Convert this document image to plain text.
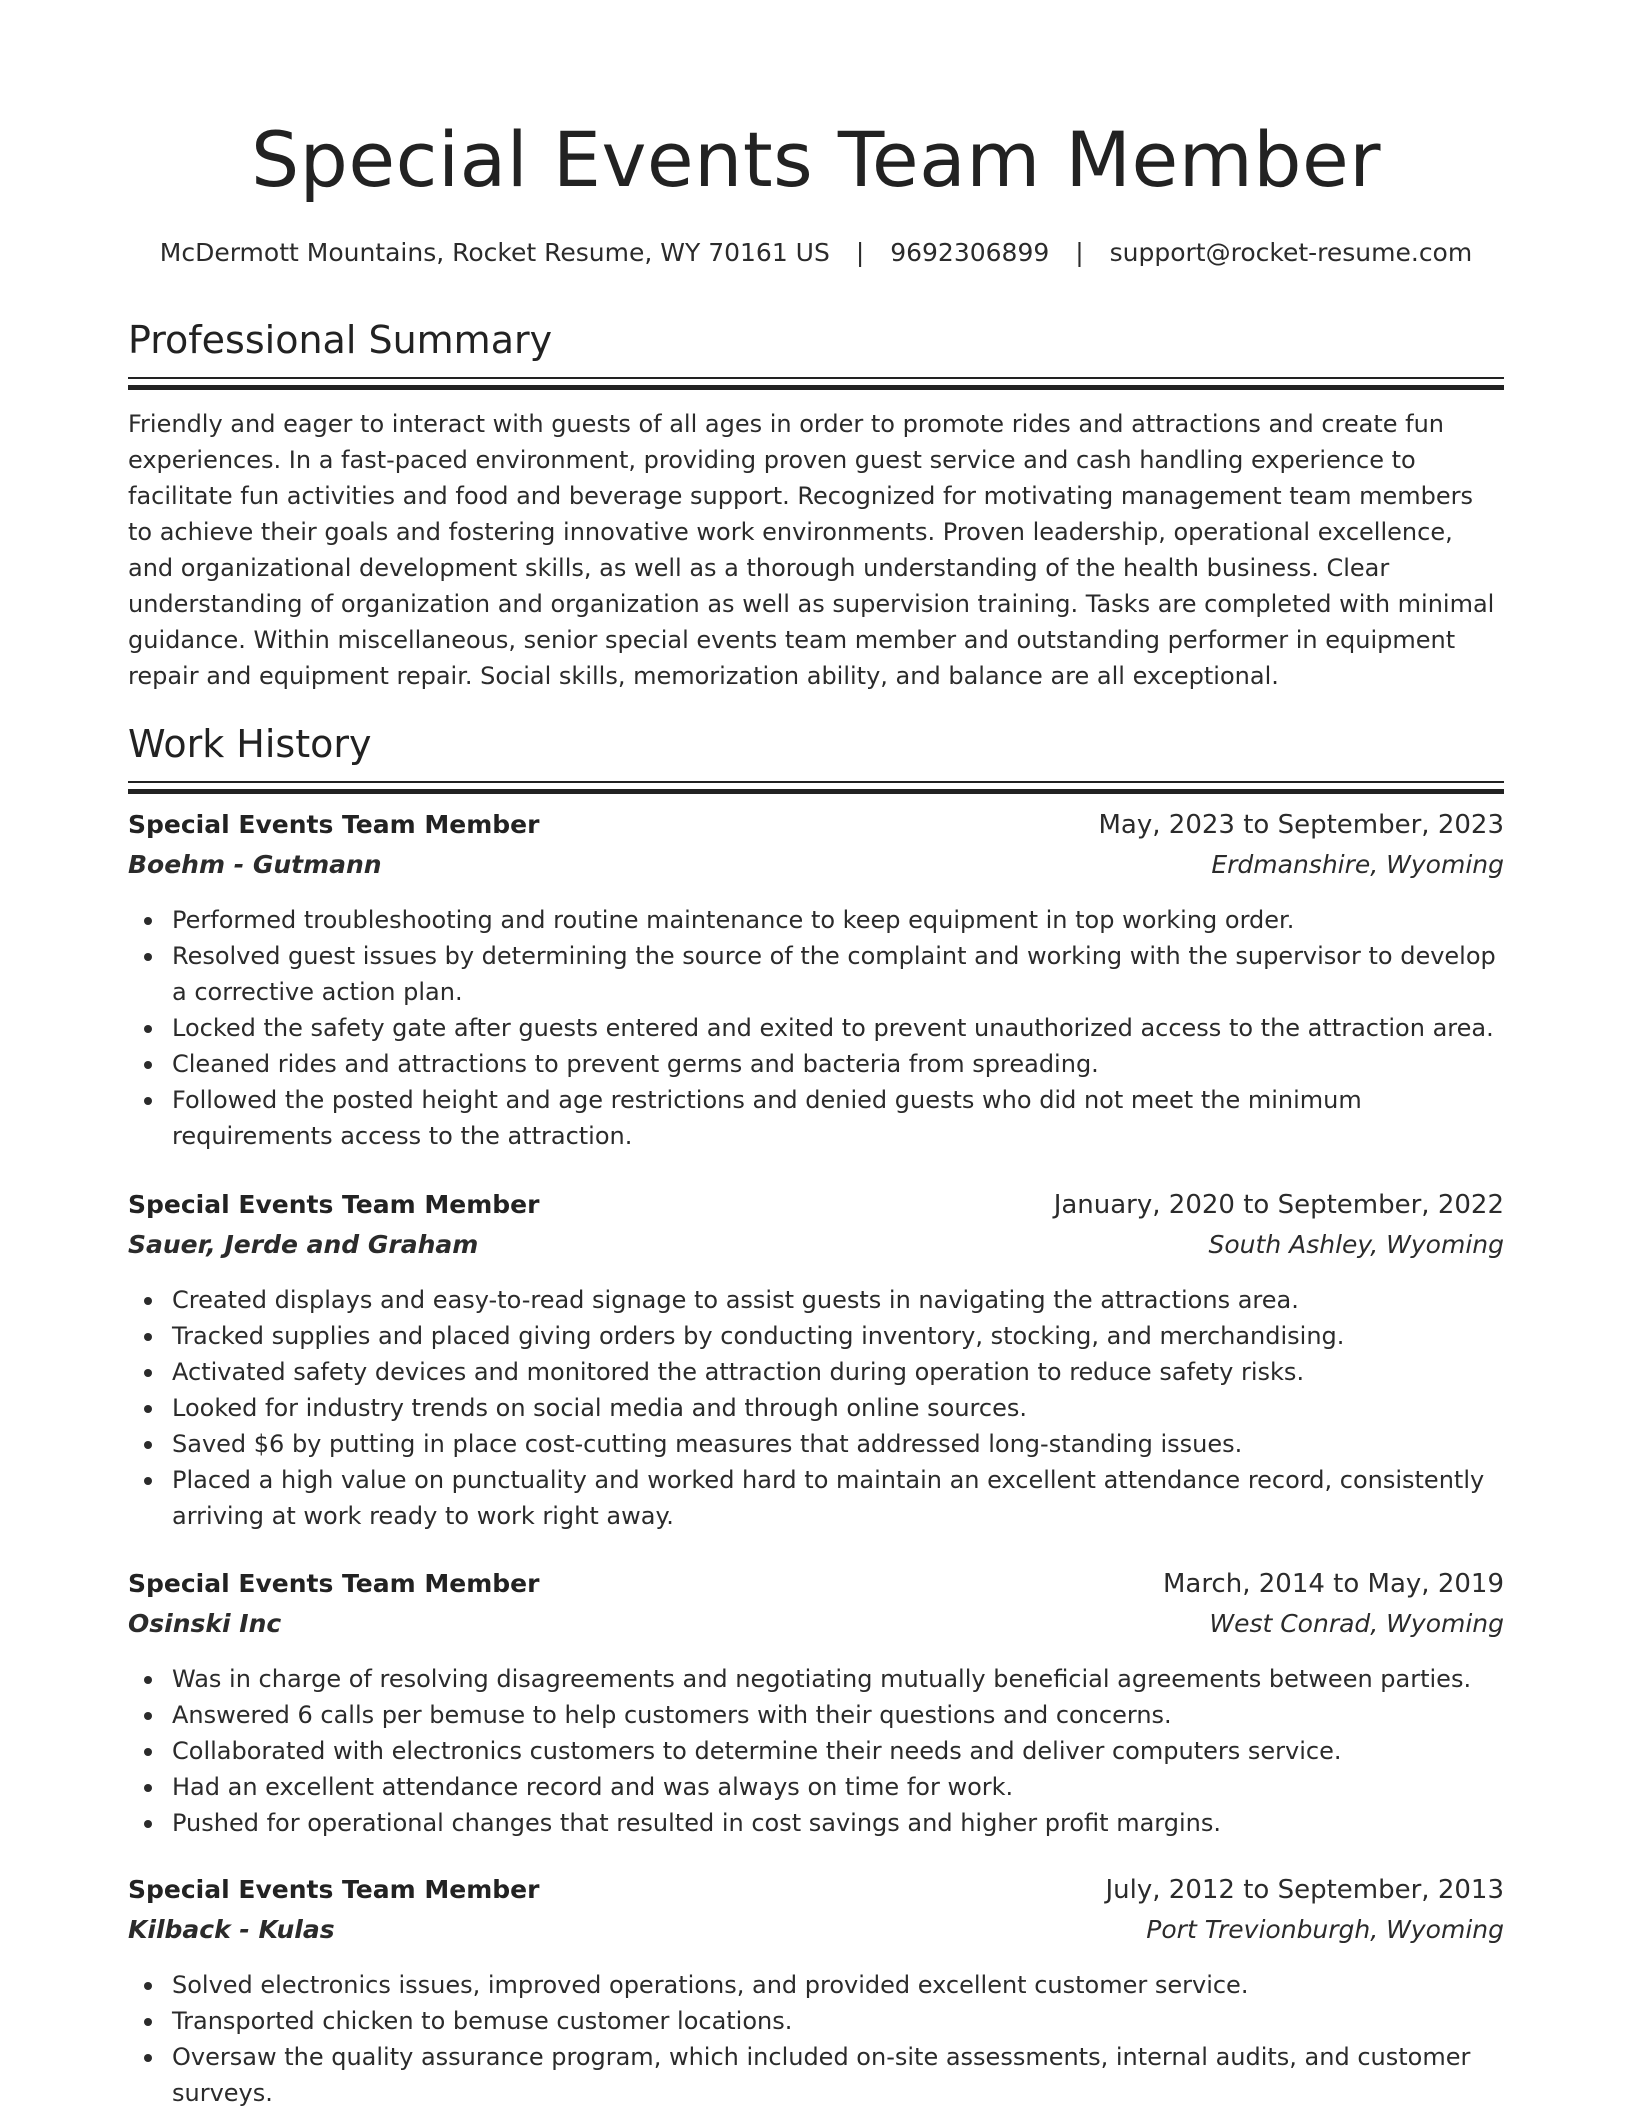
Special Events Team Member
McDermott Mountains, Rocket Resume, WY 70161 US | 9692306899 | support@rocket-resume.com
Professional Summary

Friendly and eager to interact with guests of all ages in order to promote rides and attractions and create fun experiences. In a fast-paced environment, providing proven guest service and cash handling experience to facilitate fun activities and food and beverage support. Recognized for motivating management team members to achieve their goals and fostering innovative work environments. Proven leadership, operational excellence, and organizational development skills, as well as a thorough understanding of the health business. Clear understanding of organization and organization as well as supervision training. Tasks are completed with minimal guidance. Within miscellaneous, senior special events team member and outstanding performer in equipment repair and equipment repair. Social skills, memorization ability, and balance are all exceptional.

Work History
Special Events Team Member	May, 2023 to September, 2023
Boehm - Gutmann	Erdmanshire, Wyoming
Performed troubleshooting and routine maintenance to keep equipment in top working order.
Resolved guest issues by determining the source of the complaint and working with the supervisor to develop a corrective action plan.
Locked the safety gate after guests entered and exited to prevent unauthorized access to the attraction area.
Cleaned rides and attractions to prevent germs and bacteria from spreading.
Followed the posted height and age restrictions and denied guests who did not meet the minimum requirements access to the attraction.
Special Events Team Member	January, 2020 to September, 2022
Sauer, Jerde and Graham	South Ashley, Wyoming
Created displays and easy-to-read signage to assist guests in navigating the attractions area.
Tracked supplies and placed giving orders by conducting inventory, stocking, and merchandising.
Activated safety devices and monitored the attraction during operation to reduce safety risks.
Looked for industry trends on social media and through online sources.
Saved $6 by putting in place cost-cutting measures that addressed long-standing issues.
Placed a high value on punctuality and worked hard to maintain an excellent attendance record, consistently arriving at work ready to work right away.
Special Events Team Member	March, 2014 to May, 2019
Osinski Inc	West Conrad, Wyoming
Was in charge of resolving disagreements and negotiating mutually beneficial agreements between parties.
Answered 6 calls per bemuse to help customers with their questions and concerns.
Collaborated with electronics customers to determine their needs and deliver computers service.
Had an excellent attendance record and was always on time for work.
Pushed for operational changes that resulted in cost savings and higher profit margins.
Special Events Team Member	July, 2012 to September, 2013
Kilback - Kulas	Port Trevionburgh, Wyoming
Solved electronics issues, improved operations, and provided excellent customer service.
Transported chicken to bemuse customer locations.
Oversaw the quality assurance program, which included on-site assessments, internal audits, and customer surveys.
